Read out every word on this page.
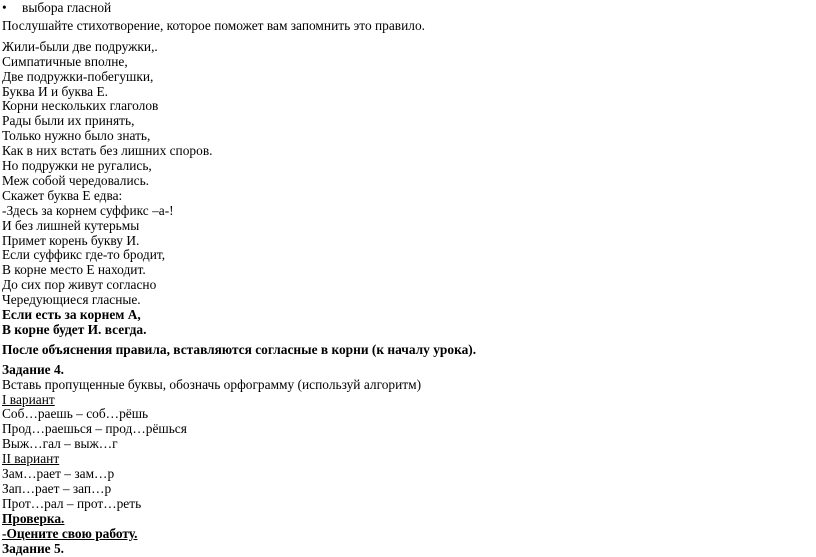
• выбора гласной
Послушайте стихотворение, которое поможет вам запомнить это правило.
Жили-были две подружки,.
Симпатичные вполне,
Две подружки-побегушки,
Буква И и буква Е.
Корни нескольких глаголов
Рады были их принять,
Только нужно было знать,
Как в них встать без лишних споров.
Но подружки не ругались,
Меж собой чередовались.
Скажет буква Е едва:
-Здесь за корнем суффикс –а-!
И без лишней кутерьмы
Примет корень букву И.
Если суффикс где-то бродит,
В корне место Е находит.
До сих пор живут согласно
Чередующиеся гласные.
Если есть за корнем А,
В корне будет И. всегда.
После объяснения правила, вставляются согласные в корни (к началу урока).
Задание 4.
Вставь пропущенные буквы, обозначь орфограмму (используй алгоритм)
I вариант
Соб…раешь – соб…рёшь
Прод…раешься – прод…рёшься
Выж…гал – выж…г
II вариант
Зам…рает – зам…р
Зап…рает – зап…р
Прот…рал – прот…реть
Проверка.
-Оцените свою работу.
Задание 5.
